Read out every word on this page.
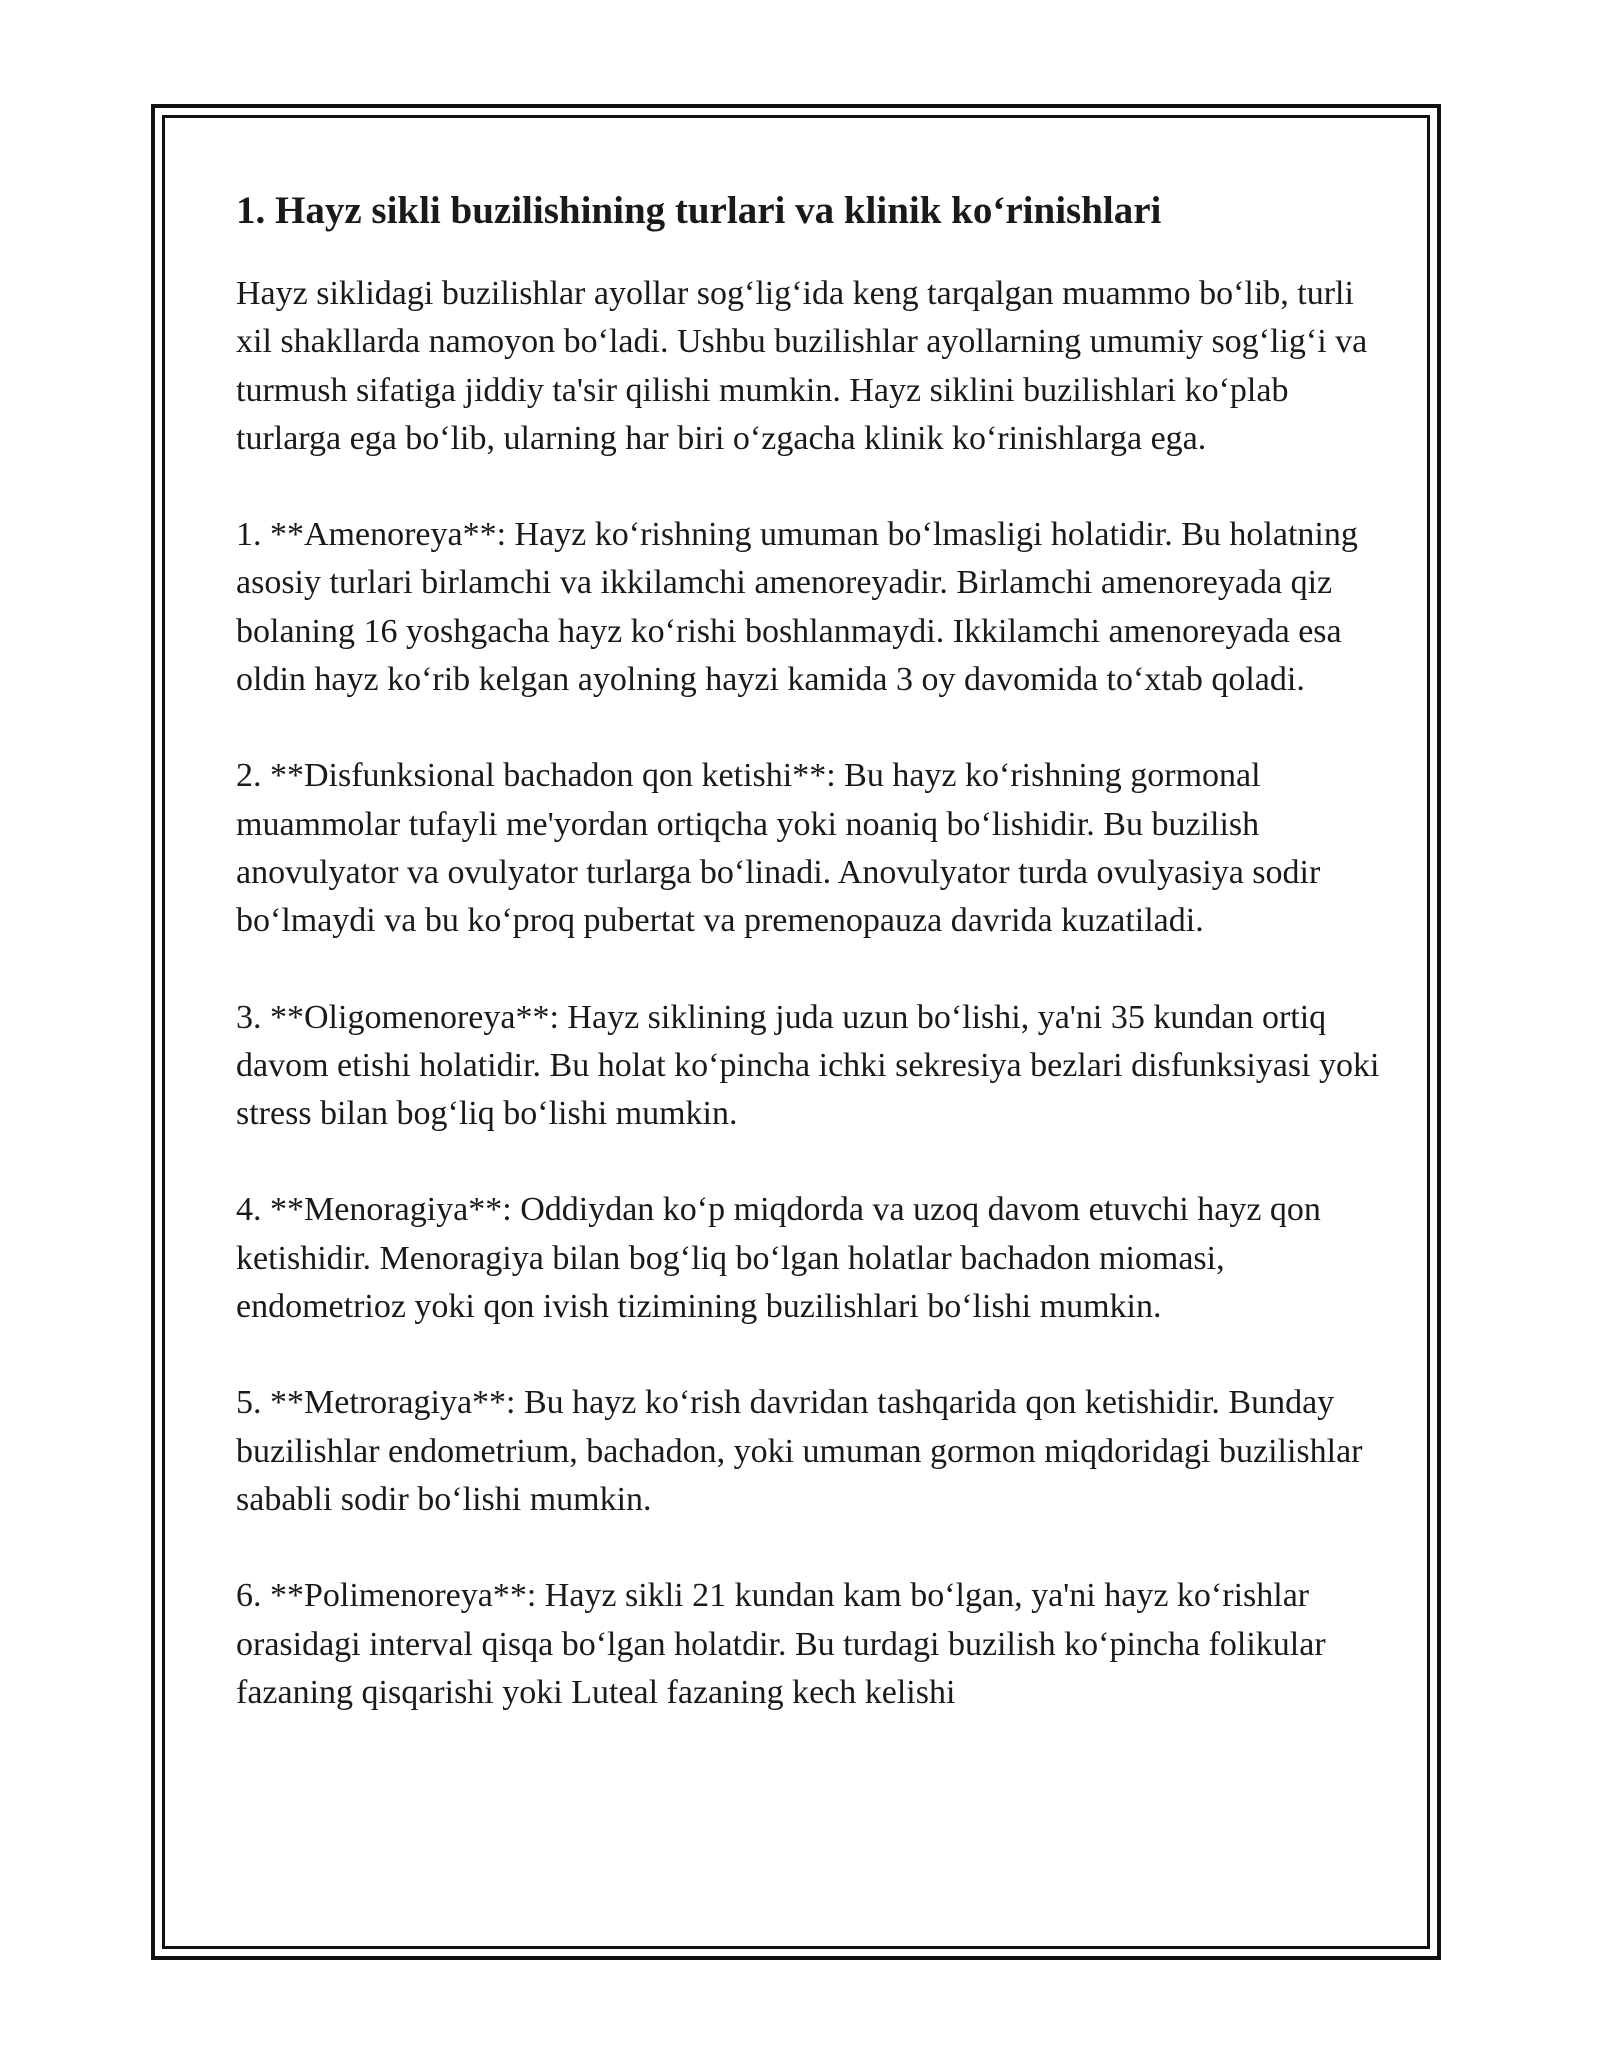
1. Hayz sikli buzilishining turlari va klinik ko‘rinishlari

Hayz siklidagi buzilishlar ayollar sog‘lig‘ida keng tarqalgan muammo bo‘lib, turli xil shakllarda namoyon bo‘ladi. Ushbu buzilishlar ayollarning umumiy sog‘lig‘i va turmush sifatiga jiddiy ta'sir qilishi mumkin. Hayz siklini buzilishlari ko‘plab turlarga ega bo‘lib, ularning har biri o‘zgacha klinik ko‘rinishlarga ega.

1. **Amenoreya**: Hayz ko‘rishning umuman bo‘lmasligi holatidir. Bu holatning asosiy turlari birlamchi va ikkilamchi amenoreyadir. Birlamchi amenoreyada qiz bolaning 16 yoshgacha hayz ko‘rishi boshlanmaydi. Ikkilamchi amenoreyada esa oldin hayz ko‘rib kelgan ayolning hayzi kamida 3 oy davomida to‘xtab qoladi.

2. **Disfunksional bachadon qon ketishi**: Bu hayz ko‘rishning gormonal muammolar tufayli me'yordan ortiqcha yoki noaniq bo‘lishidir. Bu buzilish anovulyator va ovulyator turlarga bo‘linadi. Anovulyator turda ovulyasiya sodir bo‘lmaydi va bu ko‘proq pubertat va premenopauza davrida kuzatiladi.

3. **Oligomenoreya**: Hayz siklining juda uzun bo‘lishi, ya'ni 35 kundan ortiq davom etishi holatidir. Bu holat ko‘pincha ichki sekresiya bezlari disfunksiyasi yoki stress bilan bog‘liq bo‘lishi mumkin.

4. **Menoragiya**: Oddiydan ko‘p miqdorda va uzoq davom etuvchi hayz qon ketishidir. Menoragiya bilan bog‘liq bo‘lgan holatlar bachadon miomasi, endometrioz yoki qon ivish tizimining buzilishlari bo‘lishi mumkin.

5. **Metroragiya**: Bu hayz ko‘rish davridan tashqarida qon ketishidir. Bunday buzilishlar endometrium, bachadon, yoki umuman gormon miqdoridagi buzilishlar sababli sodir bo‘lishi mumkin.

6. **Polimenoreya**: Hayz sikli 21 kundan kam bo‘lgan, ya'ni hayz ko‘rishlar orasidagi interval qisqa bo‘lgan holatdir. Bu turdagi buzilish ko‘pincha folikular fazaning qisqarishi yoki Luteal fazaning kech kelishi
